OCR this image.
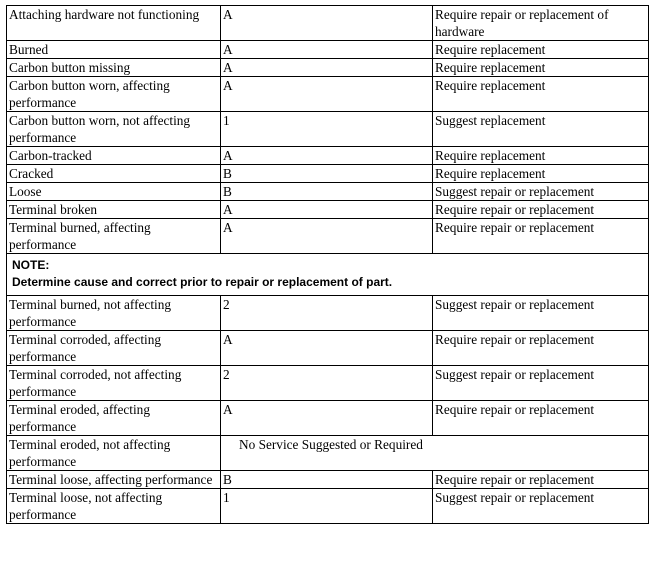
Attaching hardware not functioning	A	Require repair or replacement of hardware
Burned	A	Require replacement
Carbon button missing	A	Require replacement
Carbon button worn, affecting performance	A	Require replacement
Carbon button worn, not affecting performance	1	Suggest replacement
Carbon-tracked	A	Require replacement
Cracked	B	Require replacement
Loose	B	Suggest repair or replacement
Terminal broken	A	Require repair or replacement
Terminal burned, affecting performance	A	Require repair or replacement

NOTE:
Determine cause and correct prior to repair or replacement of part.		

Terminal burned, not affecting performance	2	Suggest repair or replacement
Terminal corroded, affecting performance	A	Require repair or replacement
Terminal corroded, not affecting performance	2	Suggest repair or replacement
Terminal eroded, affecting performance	A	Require repair or replacement
Terminal eroded, not affecting performance	No Service Suggested or Required	
Terminal loose, affecting performance	B	Require repair or replacement
Terminal loose, not affecting performance	1	Suggest repair or replacement
